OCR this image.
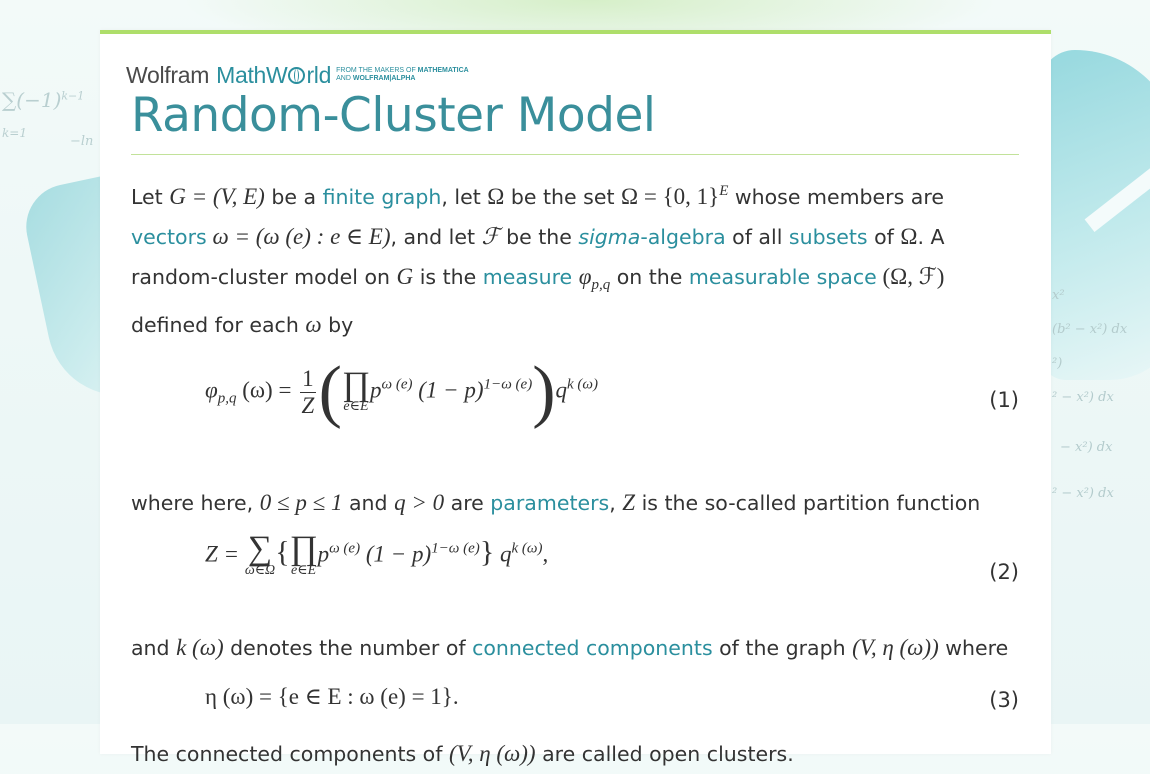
$\sum(-1)^{k-1}$
k=1
−ln
x²
(b² − x²) dx
²)
² − x²) dx
− x²) dx
² − x²) dx
Wolfram MathW rld FROM THE MAKERS OF MATHEMATICA
AND WOLFRAM|ALPHA
Random-Cluster Model

Let G = (V, E) be a finite graph, let Ω be the set Ω = {0, 1}$^E$ whose members are vectors ω = (ω (e) : e ∈ E), and let ℱ be the sigma-algebra of all subsets of Ω. A random-cluster model on G is the measure $\varphi_{p,q}$ on the measurable space (Ω, ℱ)
defined for each ω by

$\varphi_{p,q}$ $(\omega) = \frac{1}{Z}$ ( ∏
e∈E
$p^{\omega (e)}$ $(1 - p)^{1-\omega (e)})q^{k (\omega)}$
(1)

where here, 0 ≤ p ≤ 1 and q > 0 are parameters, Z is the so-called partition function

Z = ∑
ω∈Ω
{ ∏
e∈E
$p^{\omega (e)}$ $(1 - p)^{1-\omega (e)}$} $q^{k (\omega)}$,
(2)

and k (ω) denotes the number of connected components of the graph (V, η (ω)) where

η (ω) = {e ∈ E : ω (e) = 1}.	(3)

The connected components of (V, η (ω)) are called open clusters.
